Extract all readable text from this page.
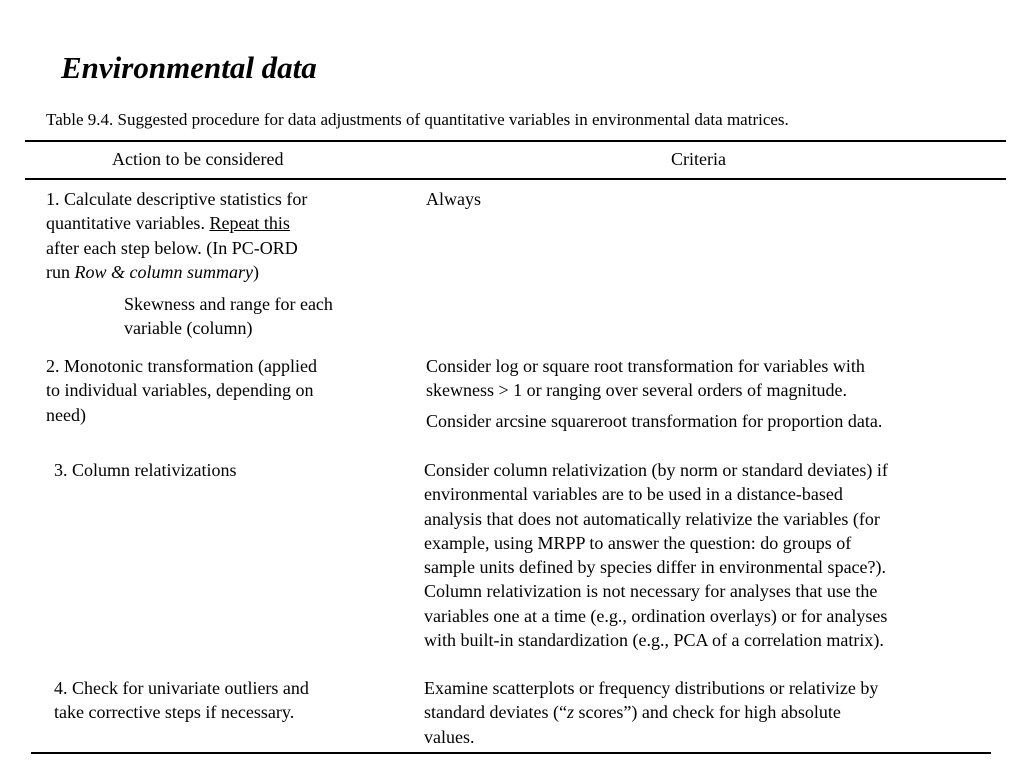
Environmental data
Table 9.4. Suggested procedure for data adjustments of quantitative variables in environmental data matrices.
Action to be considered	Criteria
1. Calculate descriptive statistics for
quantitative variables. Repeat this
after each step below. (In PC-ORD
run Row & column summary)
Skewness and range for each
variable (column)
Always
2. Monotonic transformation (applied
to individual variables, depending on
need)
Consider log or square root transformation for variables with
skewness > 1 or ranging over several orders of magnitude.
Consider arcsine squareroot transformation for proportion data.
3. Column relativizations	Consider column relativization (by norm or standard deviates) if
environmental variables are to be used in a distance-based
analysis that does not automatically relativize the variables (for
example, using MRPP to answer the question: do groups of
sample units defined by species differ in environmental space?).
Column relativization is not necessary for analyses that use the
variables one at a time (e.g., ordination overlays) or for analyses
with built-in standardization (e.g., PCA of a correlation matrix).
4. Check for univariate outliers and
take corrective steps if necessary.
Examine scatterplots or frequency distributions or relativize by
standard deviates (“z scores”) and check for high absolute
values.
